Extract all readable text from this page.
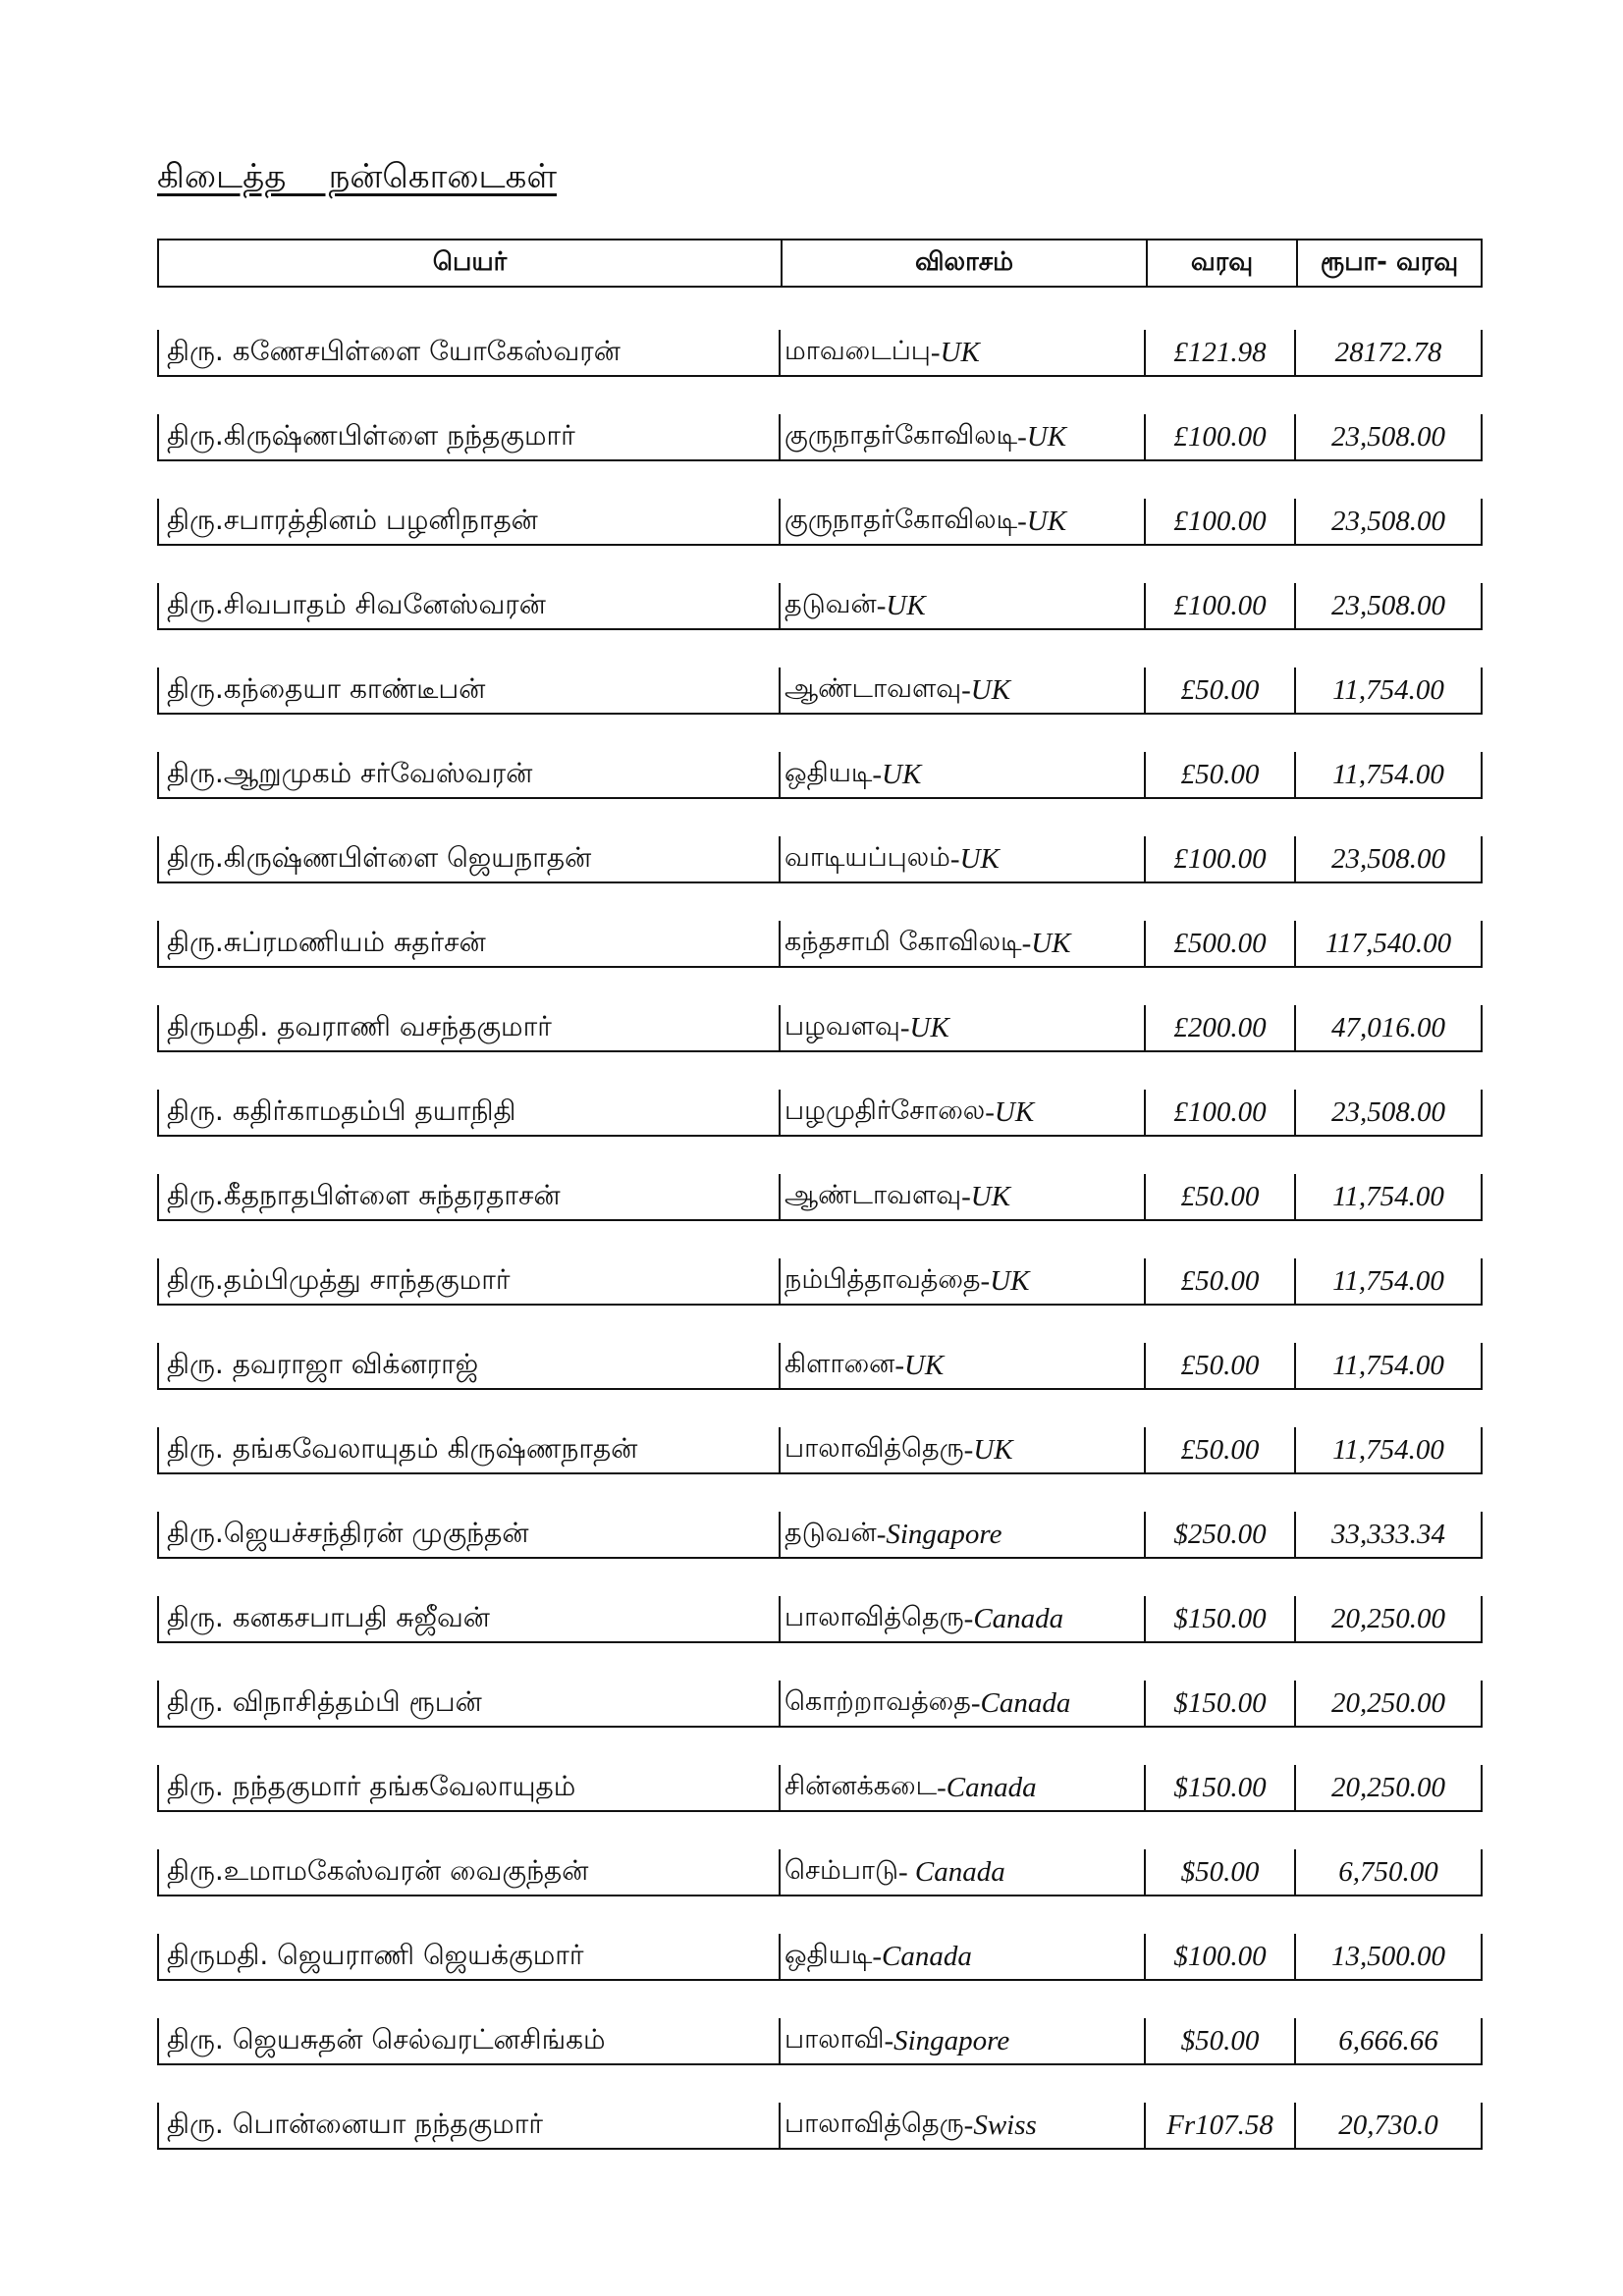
கிடைத்த    நன்கொடைகள்
பெயர்	விலாசம்	வரவு	ரூபா- வரவு
திரு. கணேசபிள்ளை யோகேஸ்வரன்	மாவடைப்பு -UK	£121.98	28172.78
திரு.கிருஷ்ணபிள்ளை நந்தகுமார்	குருநாதர்கோவிலடி -UK	£100.00	23,508.00
திரு.சபாரத்தினம் பழனிநாதன்	குருநாதர்கோவிலடி -UK	£100.00	23,508.00
திரு.சிவபாதம் சிவனேஸ்வரன்	தடுவன் -UK	£100.00	23,508.00
திரு.கந்தையா காண்டீபன்	ஆண்டாவளவு -UK	£50.00	11,754.00
திரு.ஆறுமுகம் சர்வேஸ்வரன்	ஒதியடி -UK	£50.00	11,754.00
திரு.கிருஷ்ணபிள்ளை ஜெயநாதன்	வாடியப்புலம் -UK	£100.00	23,508.00
திரு.சுப்ரமணியம் சுதர்சன்	கந்தசாமி கோவிலடி -UK	£500.00	117,540.00
திருமதி. தவராணி வசந்தகுமார்	பழவளவு -UK	£200.00	47,016.00
திரு. கதிர்காமதம்பி தயாநிதி	பழமுதிர்சோலை -UK	£100.00	23,508.00
திரு.கீதநாதபிள்ளை சுந்தரதாசன்	ஆண்டாவளவு -UK	£50.00	11,754.00
திரு.தம்பிமுத்து சாந்தகுமார்	நம்பித்தாவத்தை -UK	£50.00	11,754.00
திரு. தவராஜா விக்னராஜ்	கிளானை -UK	£50.00	11,754.00
திரு. தங்கவேலாயுதம் கிருஷ்ணநாதன்	பாலாவித்தெரு -UK	£50.00	11,754.00
திரு.ஜெயச்சந்திரன் முகுந்தன்	தடுவன் -Singapore	$250.00	33,333.34
திரு. கனகசபாபதி சுஜீவன்	பாலாவித்தெரு -Canada	$150.00	20,250.00
திரு. விநாசித்தம்பி ரூபன்	கொற்றாவத்தை -Canada	$150.00	20,250.00
திரு. நந்தகுமார் தங்கவேலாயுதம்	சின்னக்கடை -Canada	$150.00	20,250.00
திரு.உமாமகேஸ்வரன் வைகுந்தன்	செம்பாடு - Canada	$50.00	6,750.00
திருமதி. ஜெயராணி ஜெயக்குமார்	ஒதியடி -Canada	$100.00	13,500.00
திரு. ஜெயசுதன் செல்வரட்னசிங்கம்	பாலாவி -Singapore	$50.00	6,666.66
திரு. பொன்னையா நந்தகுமார்	பாலாவித்தெரு -Swiss	Fr107.58	20,730.0
